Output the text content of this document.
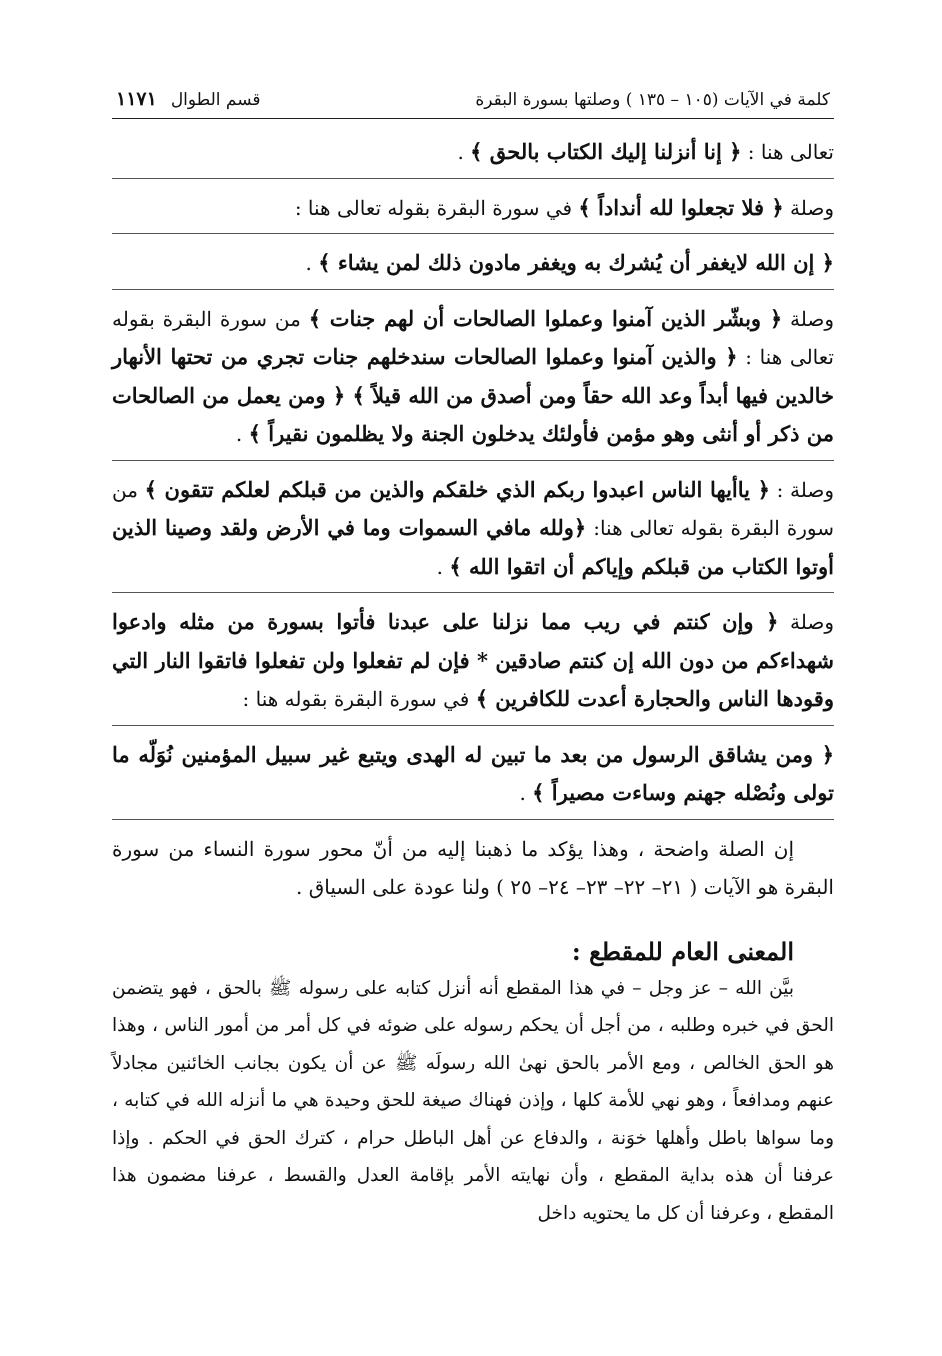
كلمة في الآيات (١٠٥ – ١٣٥ ) وصلتها بسورة البقرة
قسم الطوال
١١٧١

تعالى هنا : ﴿ إنا أنزلنا إليك الكتاب بالحق ﴾ .

وصلة ﴿ فلا تجعلوا لله أنداداً ﴾ في سورة البقرة بقوله تعالى هنا :

﴿ إن الله لايغفر أن يُشرك به ويغفر مادون ذلك لمن يشاء ﴾ .

وصلة ﴿ وبشّر الذين آمنوا وعملوا الصالحات أن لهم جنات ﴾ من سورة البقرة بقوله تعالى هنا : ﴿ والذين آمنوا وعملوا الصالحات سندخلهم جنات تجري من تحتها الأنهار خالدين فيها أبداً وعد الله حقاً ومن أصدق من الله قيلاً ﴾ ﴿ ومن يعمل من الصالحات من ذكر أو أنثى وهو مؤمن فأولئك يدخلون الجنة ولا يظلمون نقيراً ﴾ .

وصلة : ﴿ ياأيها الناس اعبدوا ربكم الذي خلقكم والذين من قبلكم لعلكم تتقون ﴾ من سورة البقرة بقوله تعالى هنا: ﴿ولله مافي السموات وما في الأرض ولقد وصينا الذين أوتوا الكتاب من قبلكم وإياكم أن اتقوا الله ﴾ .

وصلة ﴿ وإن كنتم في ريب مما نزلنا على عبدنا فأتوا بسورة من مثله وادعوا شهداءكم من دون الله إن كنتم صادقين * فإن لم تفعلوا ولن تفعلوا فاتقوا النار التي وقودها الناس والحجارة أعدت للكافرين ﴾ في سورة البقرة بقوله هنا :

﴿ ومن يشاقق الرسول من بعد ما تبين له الهدى ويتبع غير سبيل المؤمنين نُوَلّه ما تولى ونُصْله جهنم وساءت مصيراً ﴾ .

إن الصلة واضحة ، وهذا يؤكد ما ذهبنا إليه من أنّ محور سورة النساء من سورة البقرة هو الآيات ( ٢١– ٢٢– ٢٣– ٢٤– ٢٥ ) ولنا عودة على السياق .

المعنى العام للمقطع :

بيَّن الله – عز وجل – في هذا المقطع أنه أنزل كتابه على رسوله ﷺ بالحق ، فهو يتضمن الحق في خبره وطلبه ، من أجل أن يحكم رسوله على ضوئه في كل أمر من أمور الناس ، وهذا هو الحق الخالص ، ومع الأمر بالحق نهىٰ الله رسولَه ﷺ عن أن يكون بجانب الخائنين مجادلاً عنهم ومدافعاً ، وهو نهي للأمة كلها ، وإذن فهناك صيغة للحق وحيدة هي ما أنزله الله في كتابه ، وما سواها باطل وأهلها خوَنة ، والدفاع عن أهل الباطل حرام ، كترك الحق في الحكم . وإذا عرفنا أن هذه بداية المقطع ، وأن نهايته الأمر بإقامة العدل والقسط ، عرفنا مضمون هذا المقطع ، وعرفنا أن كل ما يحتويه داخل
